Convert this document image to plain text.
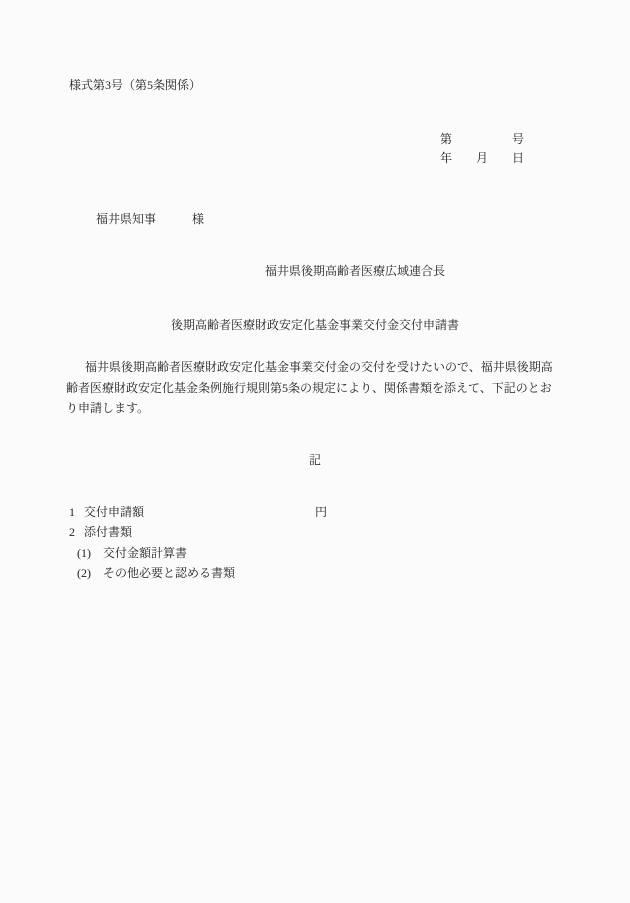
様式第3号（第5条関係）
第	号
年 月 日
福井県知事	様
福井県後期高齢者医療広域連合長
後期高齢者医療財政安定化基金事業交付金交付申請書
福井県後期高齢者医療財政安定化基金事業交付金の交付を受けたいので、福井県後期高
齢者医療財政安定化基金条例施行規則第5条の規定により、関係書類を添えて、下記のとお
り申請します。
記
1 交付申請額	円
2 添付書類
(1) 交付金額計算書
(2) その他必要と認める書類
